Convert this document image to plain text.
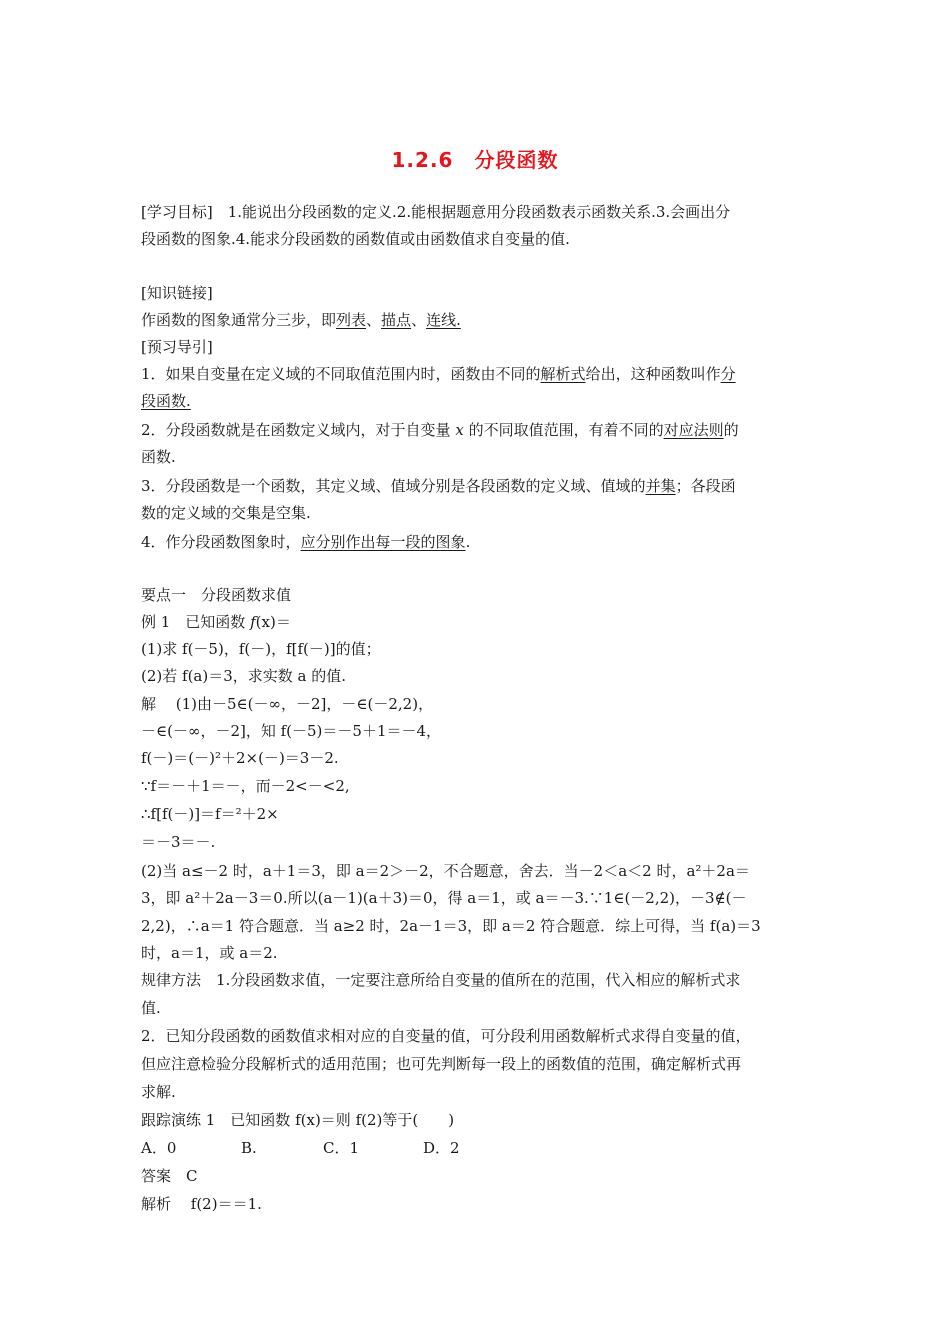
1.2.6　分段函数
[学习目标]　1.能说出分段函数的定义.2.能根据题意用分段函数表示函数关系.3.会画出分
段函数的图象.4.能求分段函数的函数值或由函数值求自变量的值.
[知识链接]
作函数的图象通常分三步，即列表、描点、连线.
[预习导引]
1．如果自变量在定义域的不同取值范围内时，函数由不同的解析式给出，这种函数叫作分
段函数.
2．分段函数就是在函数定义域内，对于自变量 x 的不同取值范围，有着不同的对应法则的
函数.
3．分段函数是一个函数，其定义域、值域分别是各段函数的定义域、值域的并集；各段函
数的定义域的交集是空集.
4．作分段函数图象时，应分别作出每一段的图象.
要点一　分段函数求值
例 1　已知函数 f(x)＝
(1)求 f(－5)，f(－)，f[f(－)]的值；
(2)若 f(a)＝3，求实数 a 的值.
解　 (1)由－5∈(－∞，－2]，－∈(－2,2)，
－∈(－∞，－2]，知 f(－5)＝－5＋1＝－4，
f(－)＝(－)²＋2×(－)＝3－2.
∵f＝－＋1＝－，而－2<－<2,
∴f[f(－)]＝f＝²＋2×
＝－3＝－.
(2)当 a≤－2 时，a＋1＝3，即 a＝2＞－2，不合题意，舍去．当－2＜a＜2 时，a²＋2a＝
3，即 a²＋2a－3＝0.所以(a－1)(a＋3)＝0，得 a＝1，或 a＝－3.∵1∈(－2,2)，－3∉(－
2,2)，∴a＝1 符合题意．当 a≥2 时，2a－1＝3，即 a＝2 符合题意．综上可得，当 f(a)＝3
时，a＝1，或 a＝2.
规律方法　1.分段函数求值，一定要注意所给自变量的值所在的范围，代入相应的解析式求
值.
2．已知分段函数的函数值求相对应的自变量的值，可分段利用函数解析式求得自变量的值，
但应注意检验分段解析式的适用范围；也可先判断每一段上的函数值的范围，确定解析式再
求解.
跟踪演练 1　已知函数 f(x)＝则 f(2)等于(　　)
A．0	B.	C．1	D．2
答案　C
解析　 f(2)＝＝1.
